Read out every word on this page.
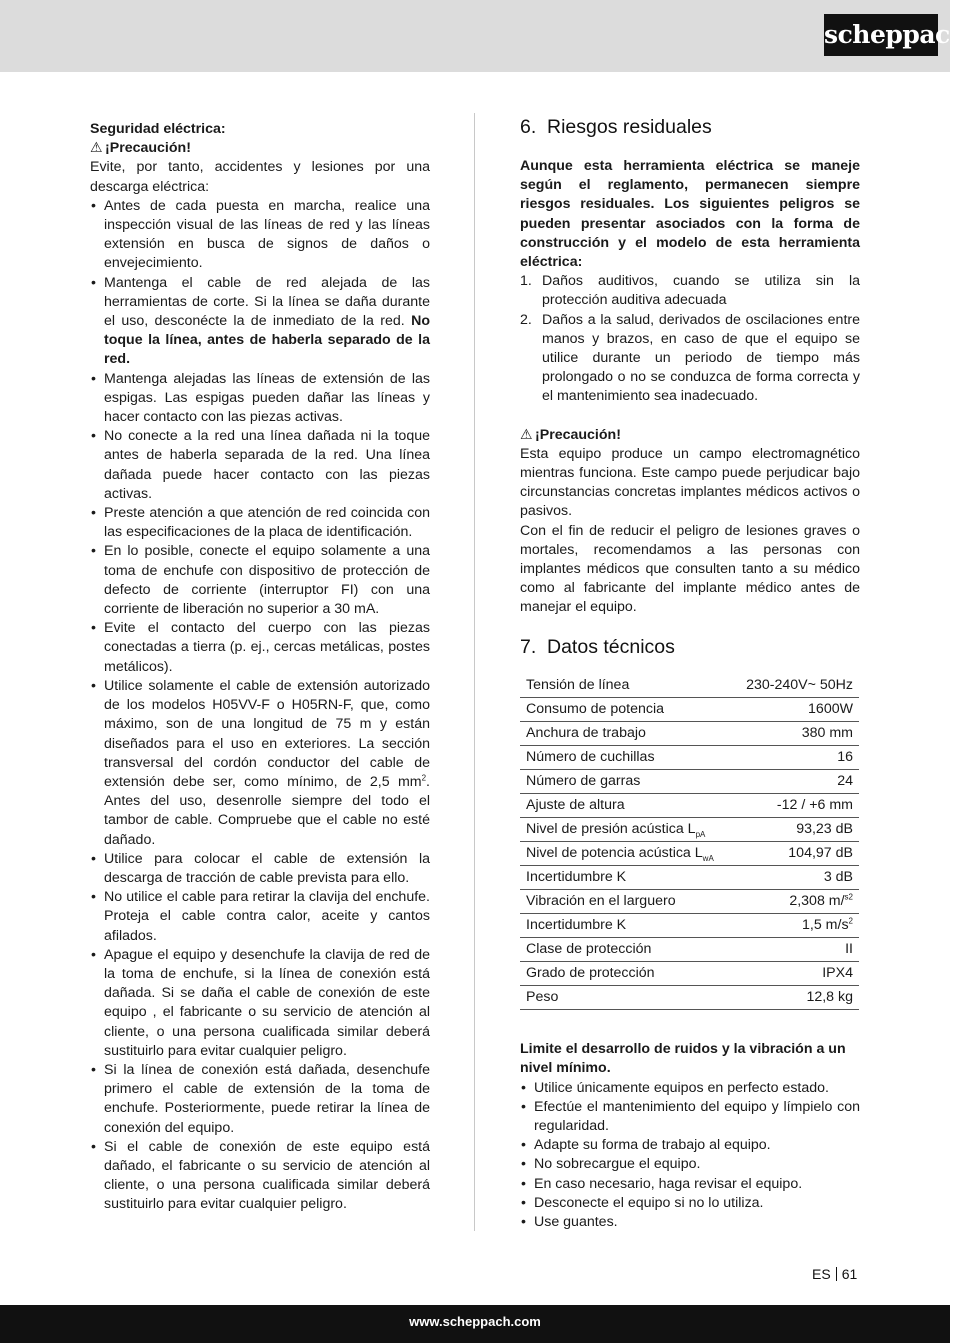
scheppach
Seguridad eléctrica:
⚠ ¡Precaución!
Evite, por tanto, accidentes y lesiones por una descarga eléctrica:
• Antes de cada puesta en marcha, realice una inspección visual de las líneas de red y las líneas extensión en busca de signos de daños o envejecimiento.
• Mantenga el cable de red alejada de las herramientas de corte. Si la línea se daña durante el uso, desconécte la de inmediato de la red. No toque la línea, antes de haberla separado de la red.
• Mantenga alejadas las líneas de extensión de las espigas. Las espigas pueden dañar las líneas y hacer contacto con las piezas activas.
• No conecte a la red una línea dañada ni la toque antes de haberla separada de la red. Una línea dañada puede hacer contacto con las piezas activas.
• Preste atención a que atención de red coincida con las especificaciones de la placa de identificación.
• En lo posible, conecte el equipo solamente a una toma de enchufe con dispositivo de protección de defecto de corriente (interruptor FI) con una corriente de liberación no superior a 30 mA.
• Evite el contacto del cuerpo con las piezas conectadas a tierra (p. ej., cercas metálicas, postes metálicos).
• Utilice solamente el cable de extensión autorizado de los modelos H05VV-F o H05RN-F, que, como máximo, son de una longitud de 75 m y están diseñados para el uso en exteriores. La sección transversal del cordón conductor del cable de extensión debe ser, como mínimo, de 2,5 $mm^2$. Antes del uso, desenrolle siempre del todo el tambor de cable. Compruebe que el cable no esté dañado.
• Utilice para colocar el cable de extensión la descarga de tracción de cable prevista para ello.
• No utilice el cable para retirar la clavija del enchufe. Proteja el cable contra calor, aceite y cantos afilados.
• Apague el equipo y desenchufe la clavija de red de la toma de enchufe, si la línea de conexión está dañada. Si se daña el cable de conexión de este equipo , el fabricante o su servicio de atención al cliente, o una persona cualificada similar deberá sustituirlo para evitar cualquier peligro.
• Si la línea de conexión está dañada, desenchufe primero el cable de extensión de la toma de enchufe. Posteriormente, puede retirar la línea de conexión del equipo.
• Si el cable de conexión de este equipo está dañado, el fabricante o su servicio de atención al cliente, o una persona cualificada similar deberá sustituirlo para evitar cualquier peligro.
6. Riesgos residuales
Aunque esta herramienta eléctrica se maneje según el reglamento, permanecen siempre riesgos residuales. Los siguientes peligros se pueden presentar asociados con la forma de construcción y el modelo de esta herramienta eléctrica:
1. Daños auditivos, cuando se utiliza sin la protección auditiva adecuada
2. Daños a la salud, derivados de oscilaciones entre manos y brazos, en caso de que el equipo se utilice durante un periodo de tiempo más prolongado o no se conduzca de forma correcta y el mantenimiento sea inadecuado.
⚠ ¡Precaución!
Esta equipo produce un campo electromagnético mientras funciona. Este campo puede perjudicar bajo circunstancias concretas implantes médicos activos o pasivos.
Con el fin de reducir el peligro de lesiones graves o mortales, recomendamos a las personas con implantes médicos que consulten tanto a su médico como al fabricante del implante médico antes de manejar el equipo.
7. Datos técnicos
Tensión de línea	230-240V~ 50Hz
Consumo de potencia	1600W
Anchura de trabajo	380 mm
Número de cuchillas	16
Número de garras	24
Ajuste de altura	-12 / +6 mm
Nivel de presión acústica $L_{pA}$	93,23 dB
Nivel de potencia acústica $L_{wA}$	104,97 dB
Incertidumbre K	3 dB
Vibración en el larguero	2,308 m/$^{s2}$
Incertidumbre K	1,5 $m/s^2$
Clase de protección	II
Grado de protección	IPX4
Peso	12,8 kg
Limite el desarrollo de ruidos y la vibración a un nivel mínimo.
• Utilice únicamente equipos en perfecto estado.
• Efectúe el mantenimiento del equipo y límpielo con regularidad.
• Adapte su forma de trabajo al equipo.
• No sobrecargue el equipo.
• En caso necesario, haga revisar el equipo.
• Desconecte el equipo si no lo utiliza.
• Use guantes.
ES 61
www.scheppach.com
